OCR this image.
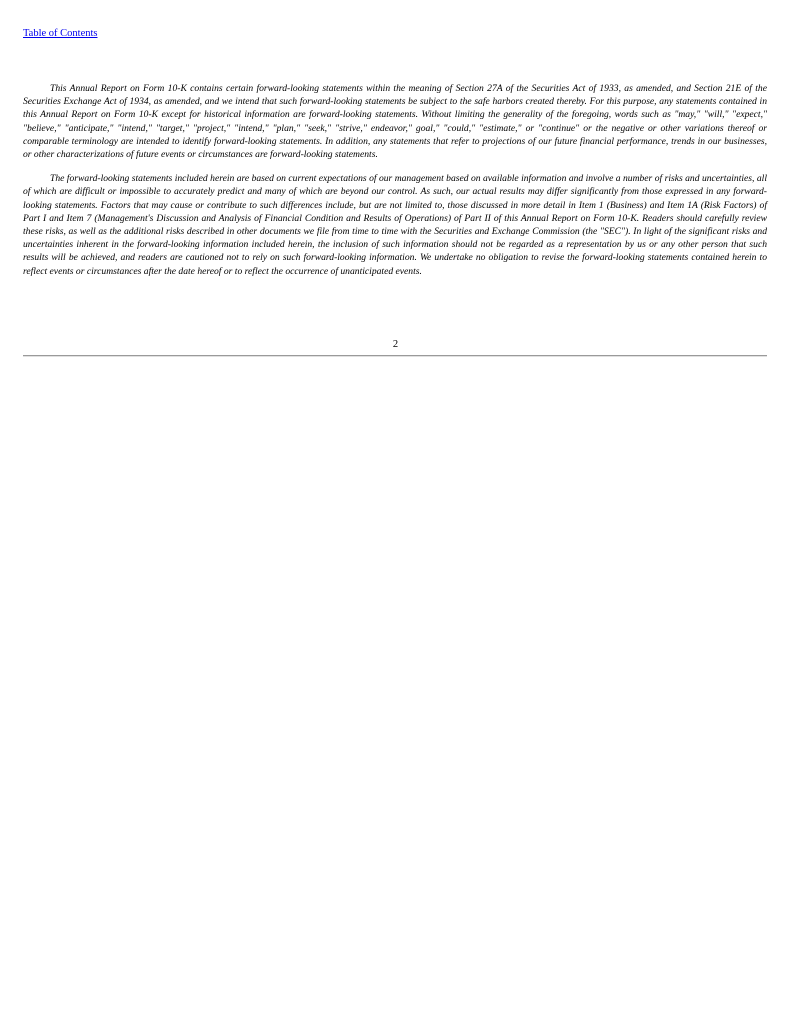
Table of Contents

This Annual Report on Form 10-K contains certain forward-looking statements within the meaning of Section 27A of the Securities Act of 1933, as amended, and Section 21E of the Securities Exchange Act of 1934, as amended, and we intend that such forward-looking statements be subject to the safe harbors created thereby. For this purpose, any statements contained in this Annual Report on Form 10-K except for historical information are forward-looking statements. Without limiting the generality of the foregoing, words such as "may," "will," "expect," "believe," "anticipate," "intend," "target," "project," "intend," "plan," "seek," "strive," endeavor," goal," "could," "estimate," or "continue" or the negative or other variations thereof or comparable terminology are intended to identify forward-looking statements. In addition, any statements that refer to projections of our future financial performance, trends in our businesses, or other characterizations of future events or circumstances are forward-looking statements.

The forward-looking statements included herein are based on current expectations of our management based on available information and involve a number of risks and uncertainties, all of which are difficult or impossible to accurately predict and many of which are beyond our control. As such, our actual results may differ significantly from those expressed in any forward-looking statements. Factors that may cause or contribute to such differences include, but are not limited to, those discussed in more detail in Item 1 (Business) and Item 1A (Risk Factors) of Part I and Item 7 (Management's Discussion and Analysis of Financial Condition and Results of Operations) of Part II of this Annual Report on Form 10-K. Readers should carefully review these risks, as well as the additional risks described in other documents we file from time to time with the Securities and Exchange Commission (the "SEC"). In light of the significant risks and uncertainties inherent in the forward-looking information included herein, the inclusion of such information should not be regarded as a representation by us or any other person that such results will be achieved, and readers are cautioned not to rely on such forward-looking information. We undertake no obligation to revise the forward-looking statements contained herein to reflect events or circumstances after the date hereof or to reflect the occurrence of unanticipated events.

2
